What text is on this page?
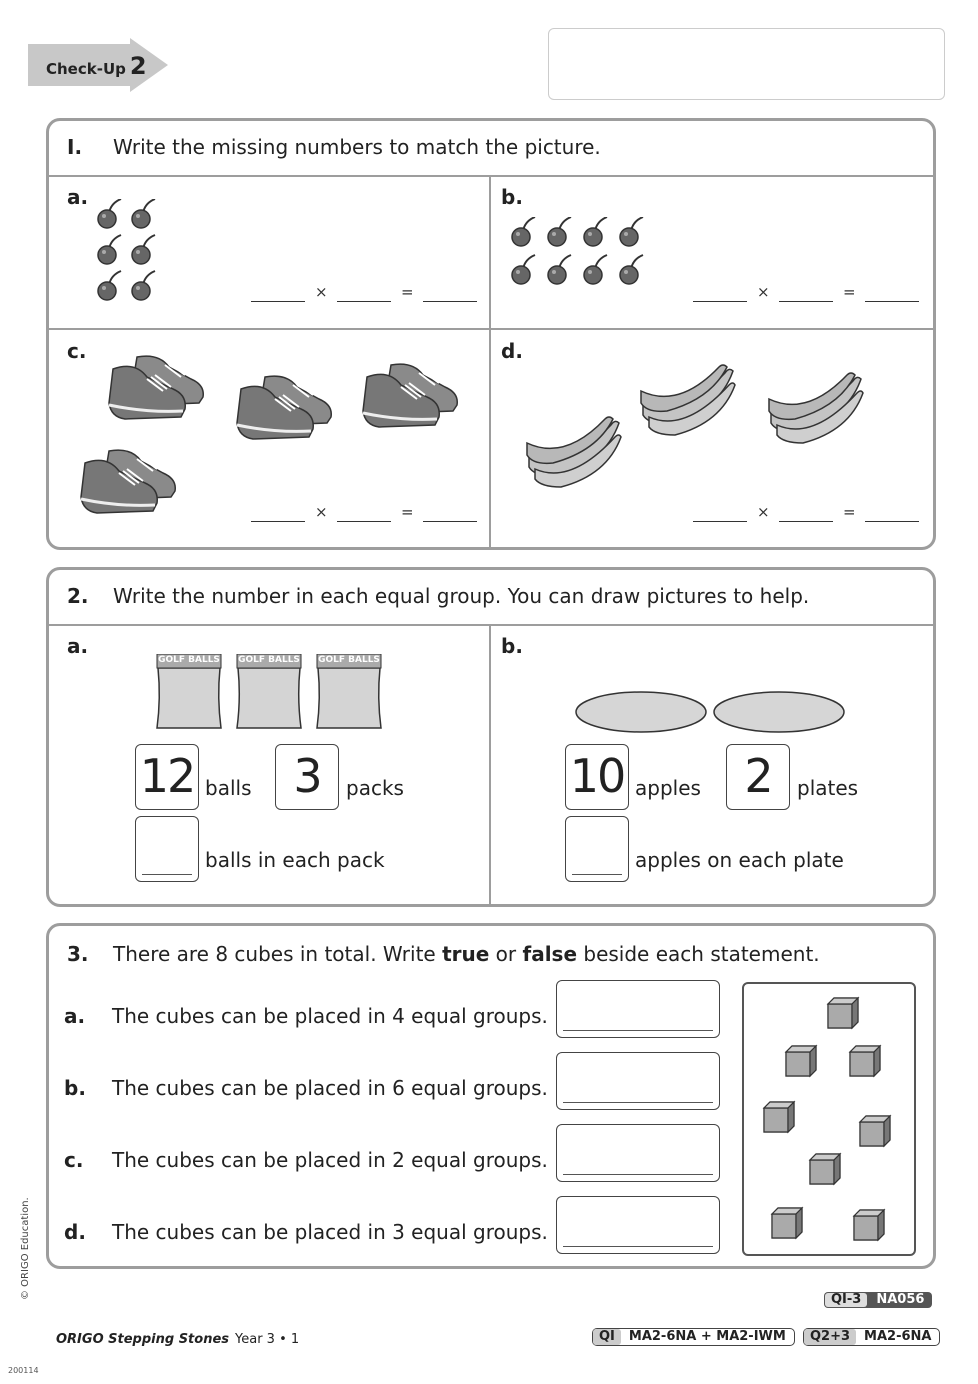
Check-Up 2
I. Write the missing numbers to match the picture.
a.	b.
c.	d.
×	=	×	=
×	=	×	=
2. Write the number in each equal group. You can draw pictures to help.
a.	b.
GOLF BALLS	GOLF BALLS	GOLF BALLS
12 balls 3	packs
balls in each pack
10 apples 2	plates
apples on each plate
3. There are 8 cubes in total. Write true or false beside each statement.
a. The cubes can be placed in 4 equal groups.
b. The cubes can be placed in 6 equal groups.
c. The cubes can be placed in 2 equal groups.
d. The cubes can be placed in 3 equal groups.
QI-3 NA056
ORIGO Stepping Stones Year 3 • 1	QI MA2-6NA + MA2-IWM	Q2+3 MA2-6NA
© ORIGO Education.
200114
